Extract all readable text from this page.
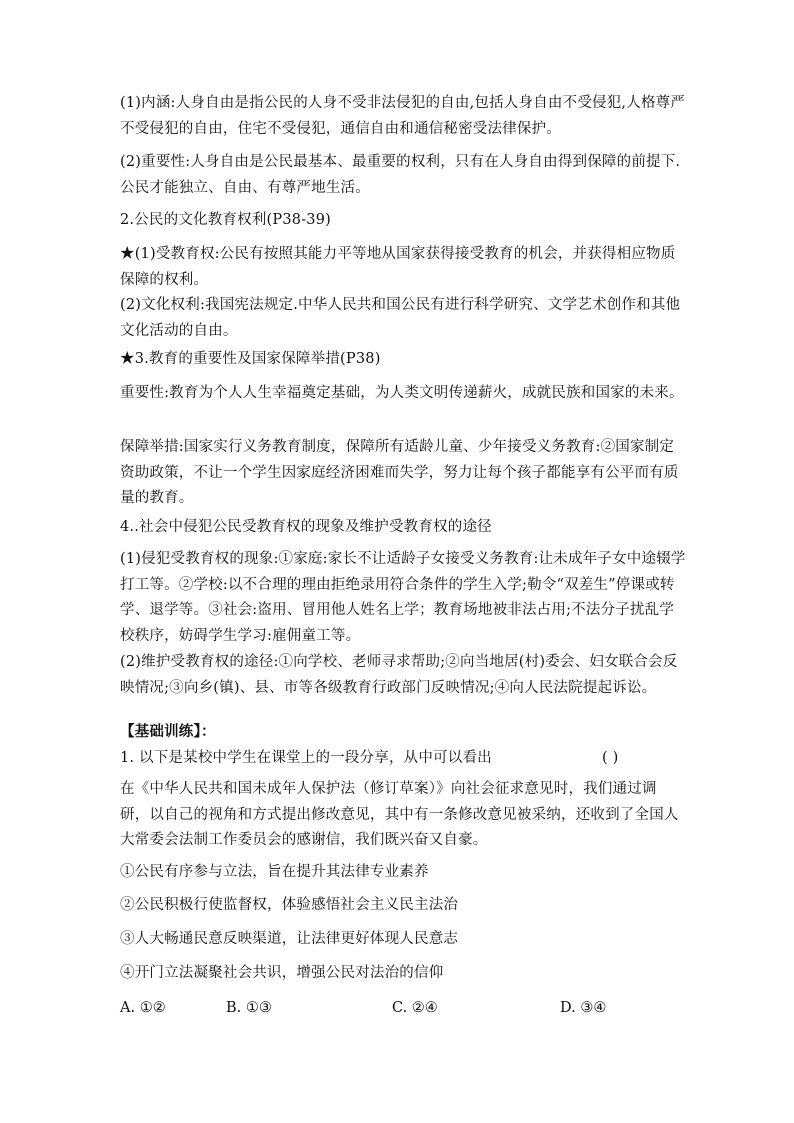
(1)内涵:人身自由是指公民的人身不受非法侵犯的自由,包括人身自由不受侵犯,人格尊严不受侵犯的自由，住宅不受侵犯，通信自由和通信秘密受法律保护。

(2)重要性:人身自由是公民最基本、最重要的权利，只有在人身自由得到保障的前提下.公民才能独立、自由、有尊严地生活。

2.公民的文化教育权利(P38-39)

★(1)受教育权:公民有按照其能力平等地从国家获得接受教育的机会，并获得相应物质保障的权利。

(2)文化权利:我国宪法规定.中华人民共和国公民有进行科学研究、文学艺术创作和其他文化活动的自由。

★3.教育的重要性及国家保障举措(P38)

重要性:教育为个人人生幸福奠定基础，为人类文明传递薪火，成就民族和国家的未来。

保障举措:国家实行义务教育制度，保障所有适龄儿童、少年接受义务教育:②国家制定资助政策，不让一个学生因家庭经济困难而失学，努力让每个孩子都能享有公平而有质量的教育。

4..社会中侵犯公民受教育权的现象及维护受教育权的途径

(1)侵犯受教育权的现象:①家庭:家长不让适龄子女接受义务教育:让未成年子女中途辍学打工等。②学校:以不合理的理由拒绝录用符合条件的学生入学;勒令“双差生”停课或转学、退学等。③社会:盗用、冒用他人姓名上学；教育场地被非法占用;不法分子扰乱学校秩序，妨碍学生学习:雇佣童工等。

(2)维护受教育权的途径:①向学校、老师寻求帮助;②向当地居(村)委会、妇女联合会反映情况;③向乡(镇)、县、市等各级教育行政部门反映情况;④向人民法院提起诉讼。

【基础训练】：

1. 以下是某校中学生在课堂上的一段分享，从中可以看出	( )

在《中华人民共和国未成年人保护法（修订草案）》向社会征求意见时，我们通过调研，以自己的视角和方式提出修改意见，其中有一条修改意见被采纳，还收到了全国人大常委会法制工作委员会的感谢信，我们既兴奋又自豪。

①公民有序参与立法，旨在提升其法律专业素养

②公民积极行使监督权，体验感悟社会主义民主法治

③人大畅通民意反映渠道，让法律更好体现人民意志

④开门立法凝聚社会共识，增强公民对法治的信仰

A. ①②	B. ①③	C. ②④	D. ③④
